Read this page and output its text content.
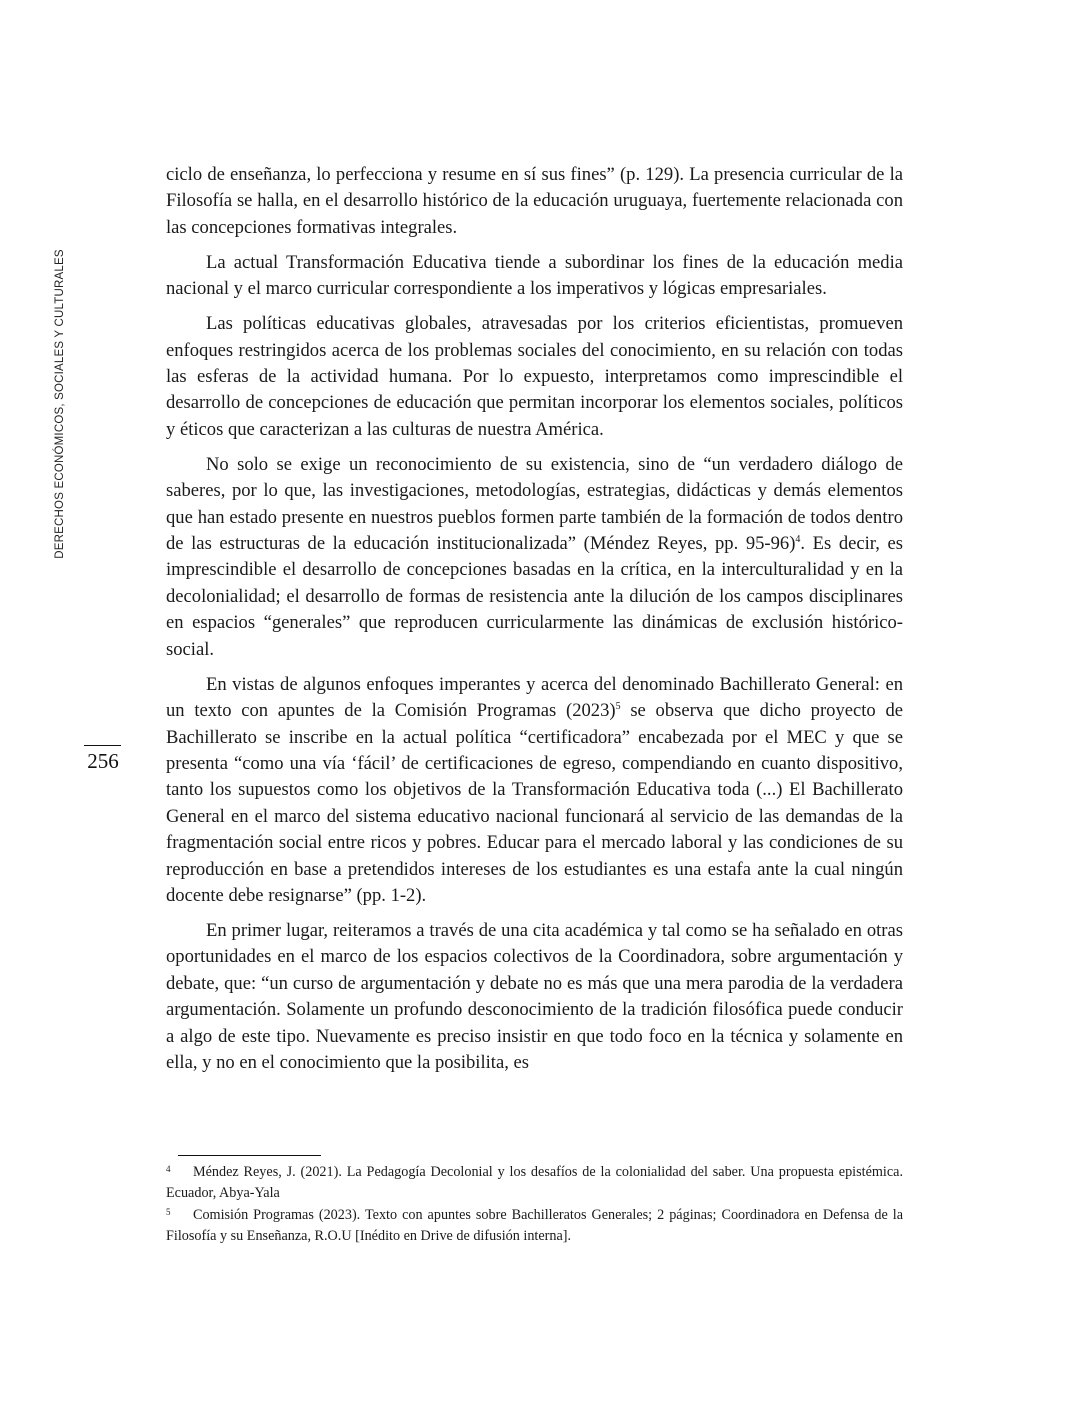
DERECHOS ECONÓMICOS, SOCIALES Y CULTURALES
256

ciclo de enseñanza, lo perfecciona y resume en sí sus fines” (p. 129). La presencia curricular de la Filosofía se halla, en el desarrollo histórico de la educación uruguaya, fuertemente relacionada con las concepciones formativas integrales.

La actual Transformación Educativa tiende a subordinar los fines de la educación media nacional y el marco curricular correspondiente a los imperativos y lógicas empresariales.

Las políticas educativas globales, atravesadas por los criterios eficientistas, promueven enfoques restringidos acerca de los problemas sociales del conocimiento, en su relación con todas las esferas de la actividad humana. Por lo expuesto, interpretamos como imprescindible el desarrollo de concepciones de educación que permitan incorporar los elementos sociales, políticos y éticos que caracterizan a las culturas de nuestra América.

No solo se exige un reconocimiento de su existencia, sino de “un verdadero diálogo de saberes, por lo que, las investigaciones, metodologías, estrategias, didácticas y demás elementos que han estado presente en nuestros pueblos formen parte también de la formación de todos dentro de las estructuras de la educación institucionalizada” (Méndez Reyes, pp. 95-96)$^4$. Es decir, es imprescindible el desarrollo de concepciones basadas en la crítica, en la interculturalidad y en la decolonialidad; el desarrollo de formas de resistencia ante la dilución de los campos disciplinares en espacios “generales” que reproducen curricularmente las dinámicas de exclusión histórico-social.

En vistas de algunos enfoques imperantes y acerca del denominado Bachillerato General: en un texto con apuntes de la Comisión Programas $(2023)^5$ se observa que dicho proyecto de Bachillerato se inscribe en la actual política “certificadora” encabezada por el MEC y que se presenta “como una vía ‘fácil’ de certificaciones de egreso, compendiando en cuanto dispositivo, tanto los supuestos como los objetivos de la Transformación Educativa toda (...) El Bachillerato General en el marco del sistema educativo nacional funcionará al servicio de las demandas de la fragmentación social entre ricos y pobres. Educar para el mercado laboral y las condiciones de su reproducción en base a pretendidos intereses de los estudiantes es una estafa ante la cual ningún docente debe resignarse” (pp. 1-2).

En primer lugar, reiteramos a través de una cita académica y tal como se ha señalado en otras oportunidades en el marco de los espacios colectivos de la Coordinadora, sobre argumentación y debate, que: “un curso de argumentación y debate no es más que una mera parodia de la verdadera argumentación. Solamente un profundo desconocimiento de la tradición filosófica puede conducir a algo de este tipo. Nuevamente es preciso insistir en que todo foco en la técnica y solamente en ella, y no en el conocimiento que la posibilita, es

4 Méndez Reyes, J. (2021). La Pedagogía Decolonial y los desafíos de la colonialidad del saber. Una propuesta epistémica. Ecuador, Abya-Yala

5 Comisión Programas (2023). Texto con apuntes sobre Bachilleratos Generales; 2 páginas; Coordinadora en Defensa de la Filosofía y su Enseñanza, R.O.U [Inédito en Drive de difusión interna].
